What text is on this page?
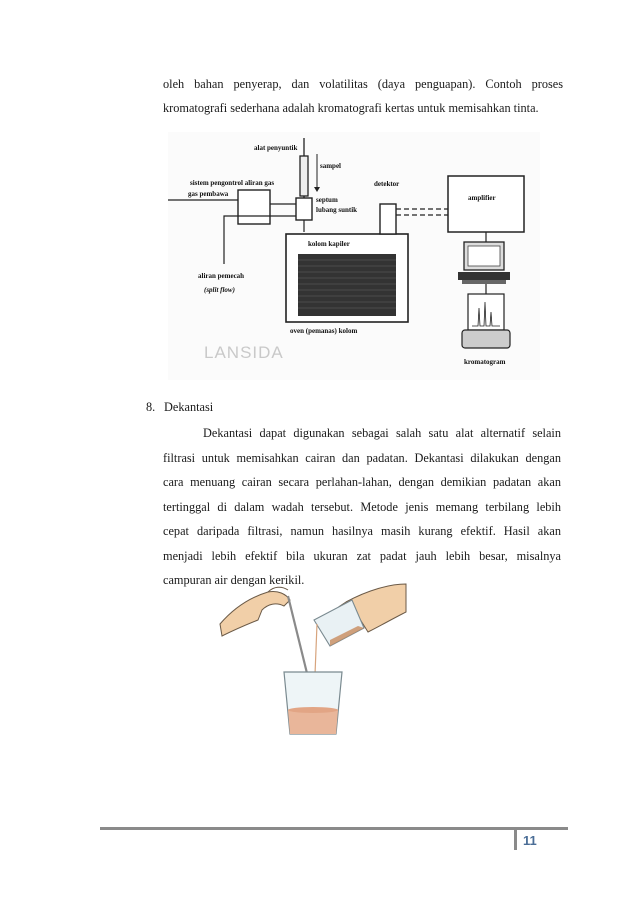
oleh bahan penyerap, dan volatilitas (daya penguapan). Contoh proses
kromatografi sederhana adalah kromatografi kertas untuk memisahkan tinta.
alat penyuntik
sampel
sistem pengontrol aliran gas
gas pembawa
septum
lubang suntik
detektor
amplifier
kolom kapiler
aliran pemecah
(split flow)
oven (pemanas) kolom
kromatogram
LANSIDA
8. Dekantasi
Dekantasi dapat digunakan sebagai salah satu alat alternatif selain
filtrasi untuk memisahkan cairan dan padatan. Dekantasi dilakukan dengan
cara menuang cairan secara perlahan-lahan, dengan demikian padatan akan
tertinggal di dalam wadah tersebut. Metode jenis memang terbilang lebih
cepat daripada filtrasi, namun hasilnya masih kurang efektif. Hasil akan
menjadi lebih efektif bila ukuran zat padat jauh lebih besar, misalnya
campuran air dengan kerikil.
11
